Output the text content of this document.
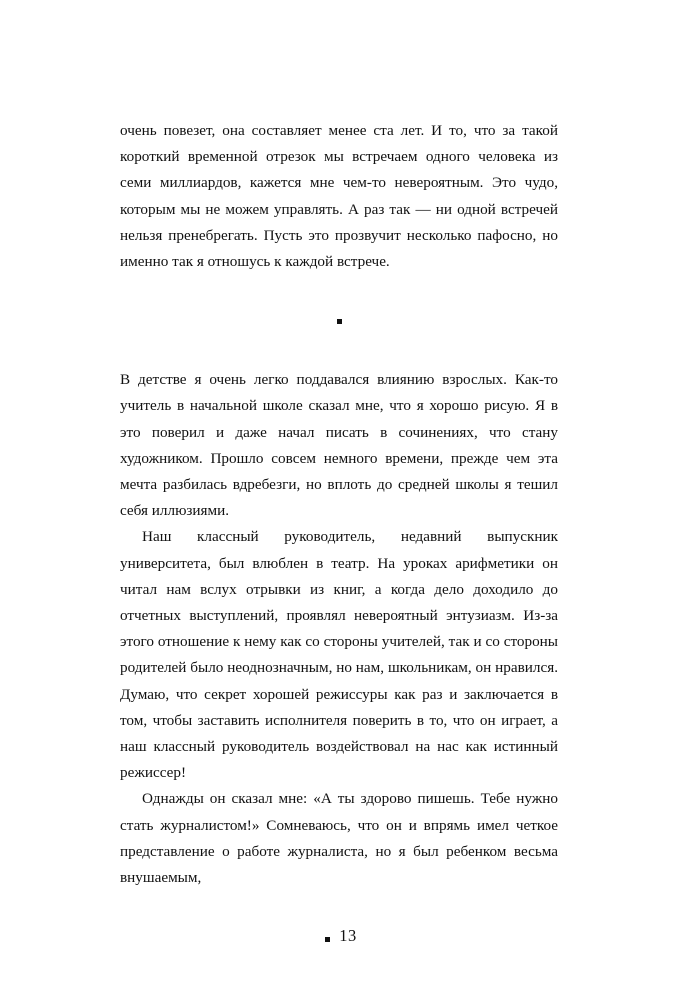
очень повезет, она составляет менее ста лет. И то, что за такой короткий временной отрезок мы встречаем одного человека из семи миллиардов, кажется мне чем-то невероятным. Это чудо, которым мы не можем управлять. А раз так — ни одной встречей нельзя пренебрегать. Пусть это прозвучит несколько пафосно, но именно так я отношусь к каждой встрече.

В детстве я очень легко поддавался влиянию взрослых. Как-то учитель в начальной школе сказал мне, что я хорошо рисую. Я в это поверил и даже начал писать в сочинениях, что стану художником. Прошло совсем немного времени, прежде чем эта мечта разбилась вдребезги, но вплоть до средней школы я тешил себя иллюзиями.

Наш классный руководитель, недавний выпускник университета, был влюблен в театр. На уроках арифметики он читал нам вслух отрывки из книг, а когда дело доходило до отчетных выступлений, проявлял невероятный энтузиазм. Из-за этого отношение к нему как со стороны учителей, так и со стороны родителей было неоднозначным, но нам, школьникам, он нравился. Думаю, что секрет хорошей режиссуры как раз и заключается в том, чтобы заставить исполнителя поверить в то, что он играет, а наш классный руководитель воздействовал на нас как истинный режиссер!

Однажды он сказал мне: «А ты здорово пишешь. Тебе нужно стать журналистом!» Сомневаюсь, что он и впрямь имел четкое представление о работе журналиста, но я был ребенком весьма внушаемым,

13
